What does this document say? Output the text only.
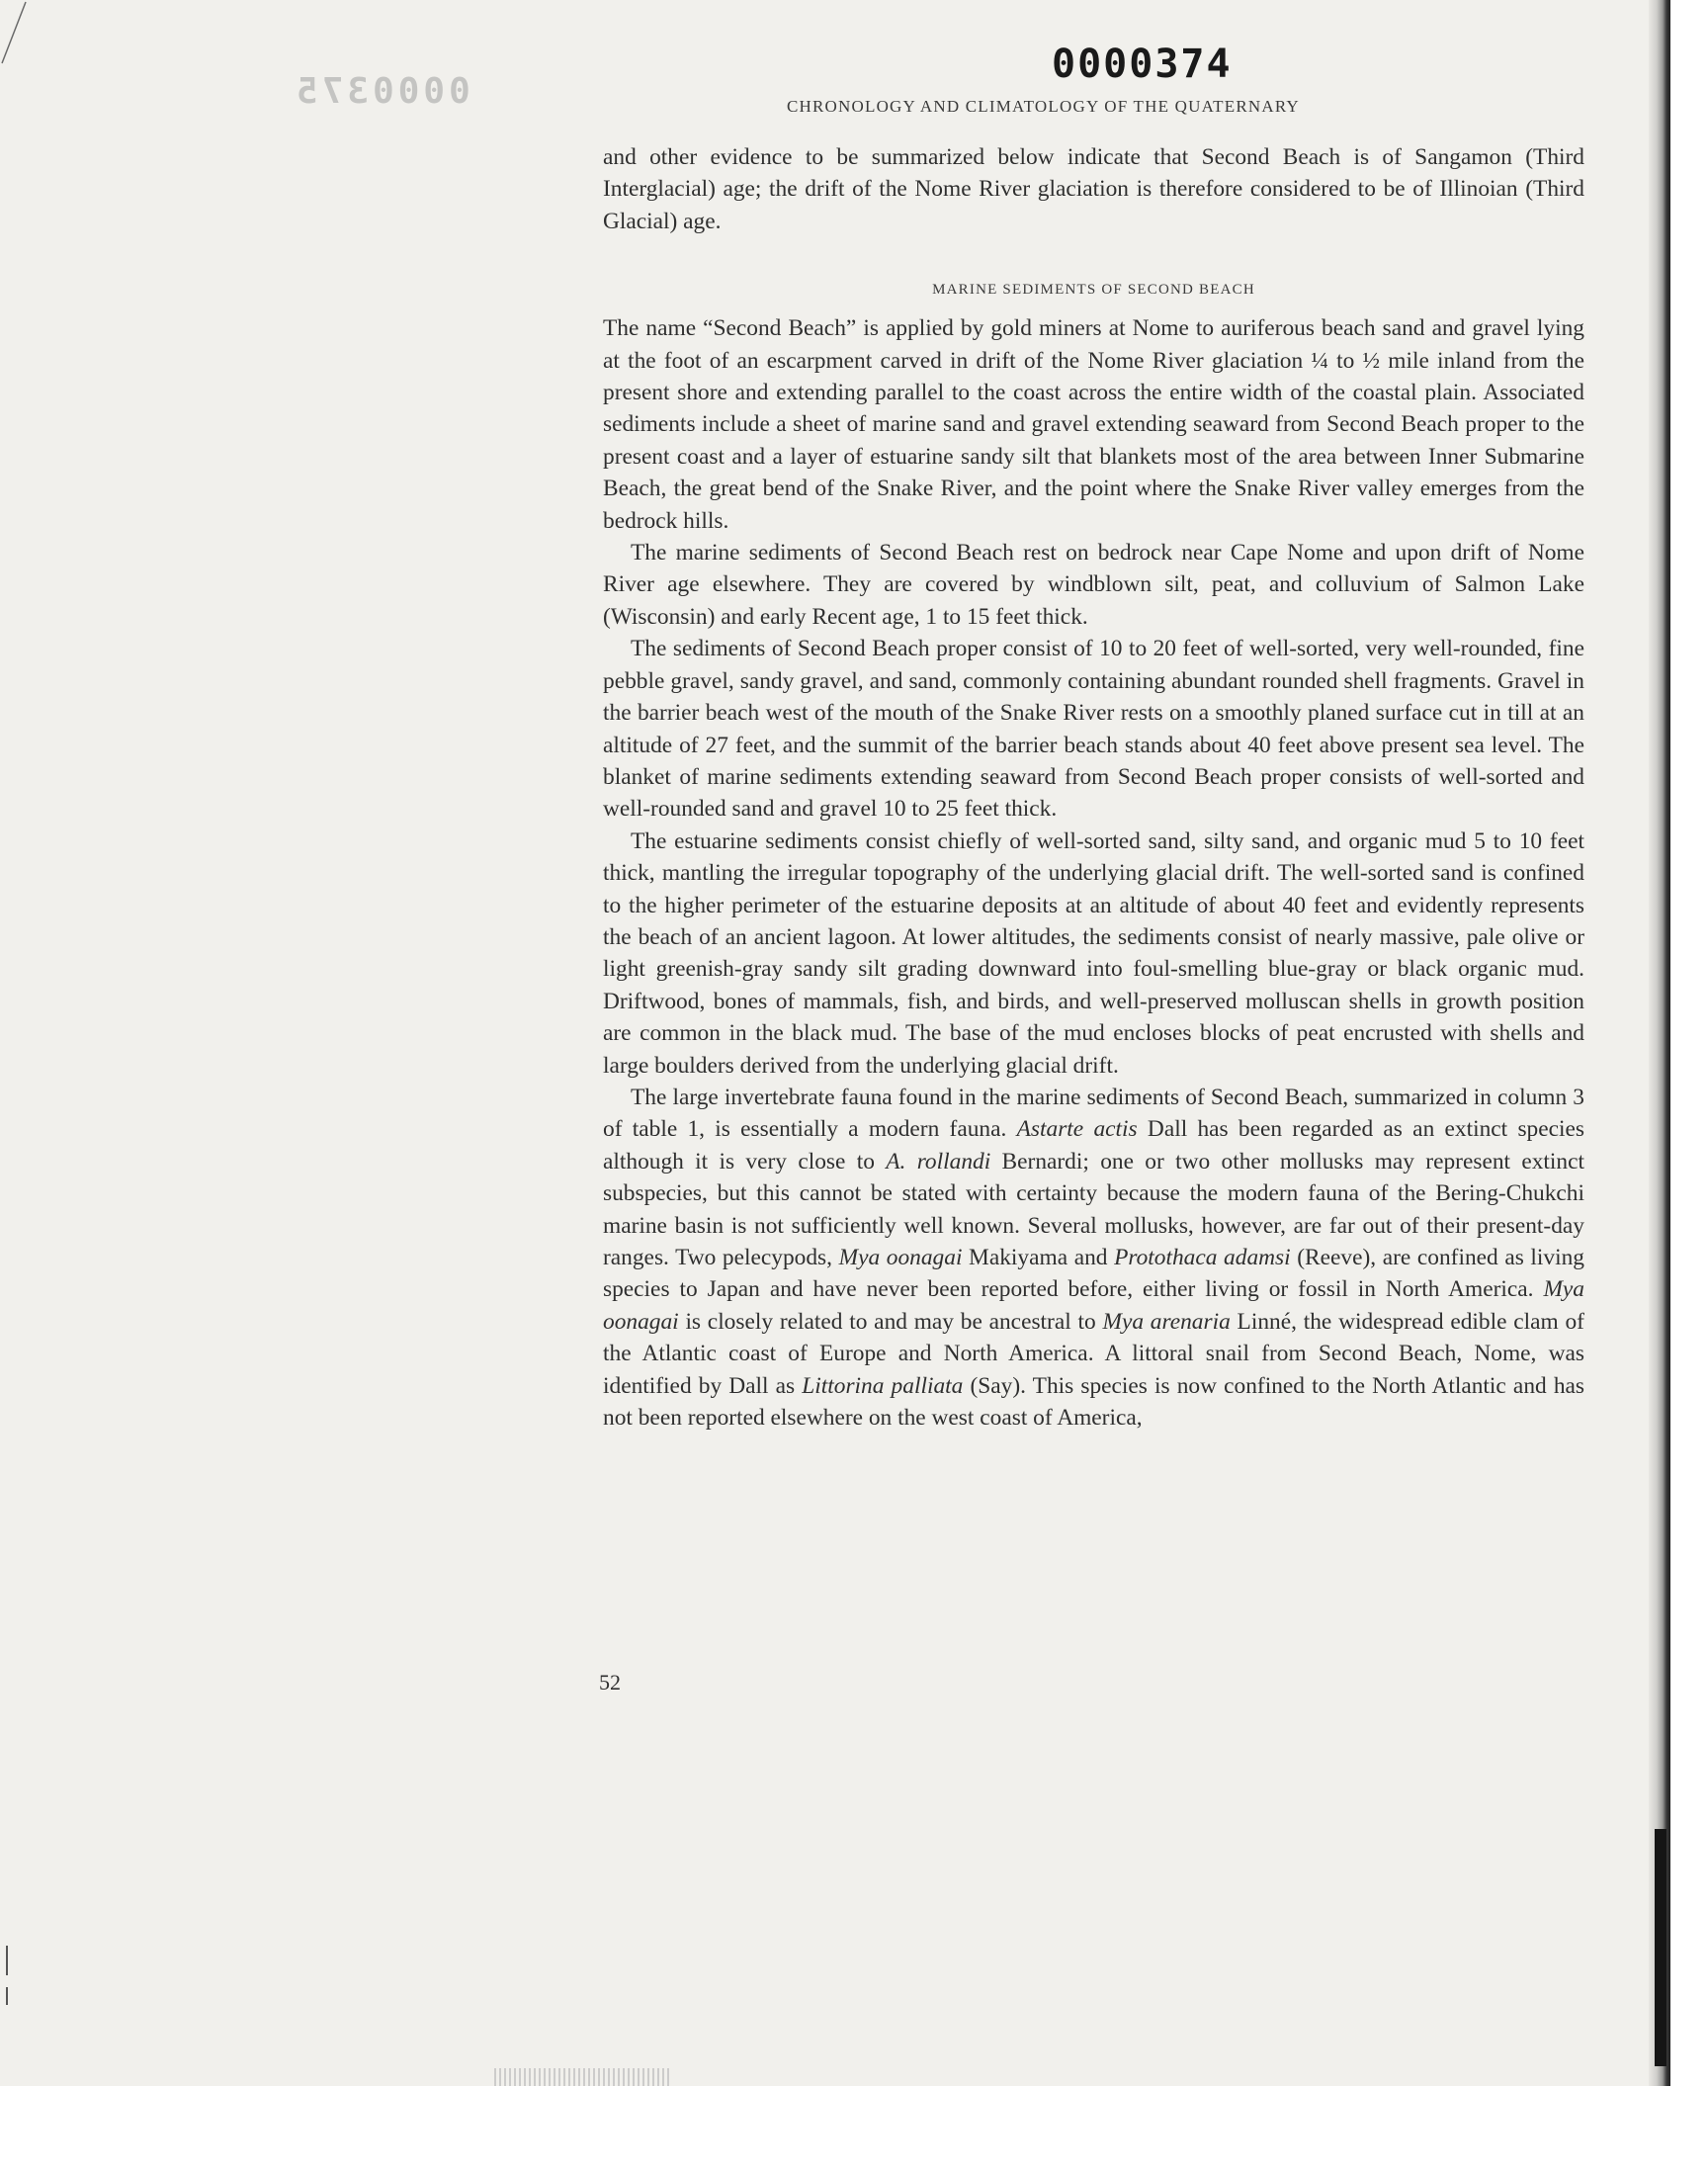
0000375
0000374
CHRONOLOGY AND CLIMATOLOGY OF THE QUATERNARY

and other evidence to be summarized below indicate that Second Beach is of Sangamon (Third Interglacial) age; the drift of the Nome River glaciation is therefore considered to be of Illinoian (Third Glacial) age.

MARINE SEDIMENTS OF SECOND BEACH

The name “Second Beach” is applied by gold miners at Nome to auriferous beach sand and gravel lying at the foot of an escarpment carved in drift of the Nome River glaciation ¼ to ½ mile inland from the present shore and extending parallel to the coast across the entire width of the coastal plain. Associated sediments include a sheet of marine sand and gravel extending seaward from Second Beach proper to the present coast and a layer of estuarine sandy silt that blankets most of the area between Inner Submarine Beach, the great bend of the Snake River, and the point where the Snake River valley emerges from the bedrock hills.

The marine sediments of Second Beach rest on bedrock near Cape Nome and upon drift of Nome River age elsewhere. They are covered by windblown silt, peat, and colluvium of Salmon Lake (Wisconsin) and early Recent age, 1 to 15 feet thick.

The sediments of Second Beach proper consist of 10 to 20 feet of well-sorted, very well-rounded, fine pebble gravel, sandy gravel, and sand, commonly containing abundant rounded shell fragments. Gravel in the barrier beach west of the mouth of the Snake River rests on a smoothly planed surface cut in till at an altitude of 27 feet, and the summit of the barrier beach stands about 40 feet above present sea level. The blanket of marine sediments extending seaward from Second Beach proper consists of well-sorted and well-rounded sand and gravel 10 to 25 feet thick.

The estuarine sediments consist chiefly of well-sorted sand, silty sand, and organic mud 5 to 10 feet thick, mantling the irregular topography of the underlying glacial drift. The well-sorted sand is confined to the higher perimeter of the estuarine deposits at an altitude of about 40 feet and evidently represents the beach of an ancient lagoon. At lower altitudes, the sediments consist of nearly massive, pale olive or light greenish-gray sandy silt grading downward into foul-smelling blue-gray or black organic mud. Driftwood, bones of mammals, fish, and birds, and well-preserved molluscan shells in growth position are common in the black mud. The base of the mud encloses blocks of peat encrusted with shells and large boulders derived from the underlying glacial drift.

The large invertebrate fauna found in the marine sediments of Second Beach, summarized in column 3 of table 1, is essentially a modern fauna. Astarte actis Dall has been regarded as an extinct species although it is very close to A. rollandi Bernardi; one or two other mollusks may represent extinct subspecies, but this cannot be stated with certainty because the modern fauna of the Bering-Chukchi marine basin is not sufficiently well known. Several mollusks, however, are far out of their present-day ranges. Two pelecypods, Mya oonagai Makiyama and Protothaca adamsi (Reeve), are confined as living species to Japan and have never been reported before, either living or fossil in North America. Mya oonagai is closely related to and may be ancestral to Mya arenaria Linné, the widespread edible clam of the Atlantic coast of Europe and North America. A littoral snail from Second Beach, Nome, was identified by Dall as Littorina palliata (Say). This species is now confined to the North Atlantic and has not been reported elsewhere on the west coast of America,

52
